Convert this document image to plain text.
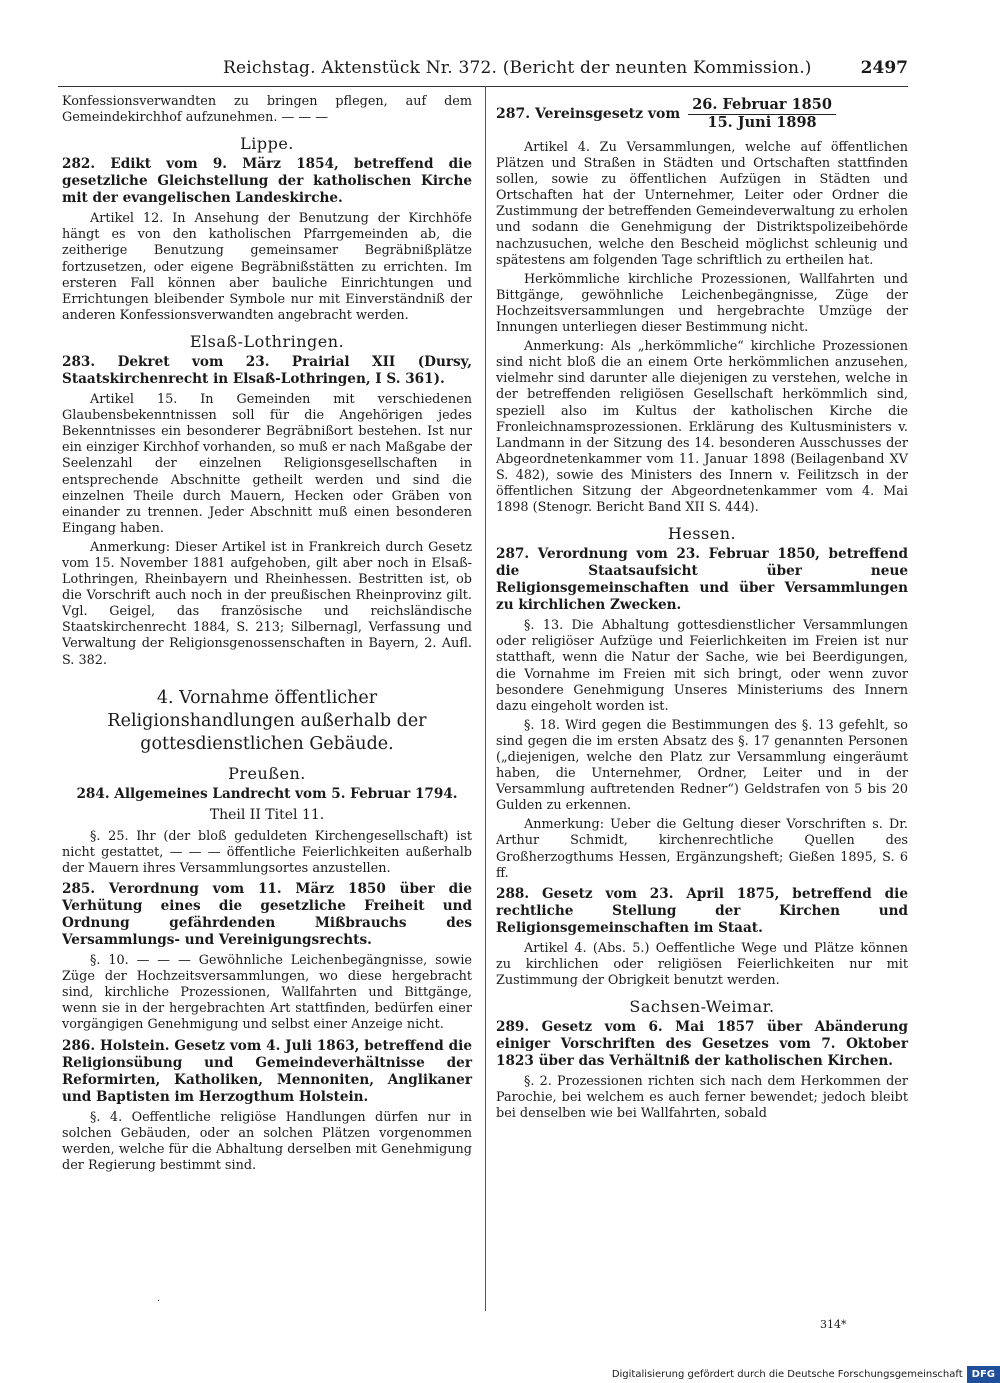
Reichstag. Aktenstück Nr. 372. (Bericht der neunten Kommission.)	2497

Konfessionsverwandten zu bringen pflegen, auf dem Gemeindekirchhof aufzunehmen. — — —

Lippe.
282. Edikt vom 9. März 1854, betreffend die gesetzliche Gleichstellung der katholischen Kirche mit der evangelischen Landeskirche.

Artikel 12. In Ansehung der Benutzung der Kirchhöfe hängt es von den katholischen Pfarrgemeinden ab, die zeitherige Benutzung gemeinsamer Begräbnißplätze fortzusetzen, oder eigene Begräbnißstätten zu errichten. Im ersteren Fall können aber bauliche Einrichtungen und Errichtungen bleibender Symbole nur mit Einverständniß der anderen Konfessionsverwandten angebracht werden.

Elsaß-Lothringen.
283. Dekret vom 23. Prairial XII (Dursy, Staatskirchenrecht in Elsaß-Lothringen, I S. 361).

Artikel 15. In Gemeinden mit verschiedenen Glaubensbekenntnissen soll für die Angehörigen jedes Bekenntnisses ein besonderer Begräbnißort bestehen. Ist nur ein einziger Kirchhof vorhanden, so muß er nach Maßgabe der Seelenzahl der einzelnen Religionsgesellschaften in entsprechende Abschnitte getheilt werden und sind die einzelnen Theile durch Mauern, Hecken oder Gräben von einander zu trennen. Jeder Abschnitt muß einen besonderen Eingang haben.

Anmerkung: Dieser Artikel ist in Frankreich durch Gesetz vom 15. November 1881 aufgehoben, gilt aber noch in Elsaß-Lothringen, Rheinbayern und Rheinhessen. Bestritten ist, ob die Vorschrift auch noch in der preußischen Rheinprovinz gilt. Vgl. Geigel, das französische und reichsländische Staatskirchenrecht 1884, S. 213; Silbernagl, Verfassung und Verwaltung der Religionsgenossenschaften in Bayern, 2. Aufl. S. 382.

4. Vornahme öffentlicher Religionshandlungen außerhalb der gottesdienstlichen Gebäude.
Preußen.
284. Allgemeines Landrecht vom 5. Februar 1794.
Theil II Titel 11.

§. 25. Ihr (der bloß geduldeten Kirchengesellschaft) ist nicht gestattet, — — — öffentliche Feierlichkeiten außerhalb der Mauern ihres Versammlungsortes anzustellen.

285. Verordnung vom 11. März 1850 über die Verhütung eines die gesetzliche Freiheit und Ordnung gefährdenden Mißbrauchs des Versammlungs- und Vereinigungsrechts.

§. 10. — — — Gewöhnliche Leichenbegängnisse, sowie Züge der Hochzeitsversammlungen, wo diese hergebracht sind, kirchliche Prozessionen, Wallfahrten und Bittgänge, wenn sie in der hergebrachten Art stattfinden, bedürfen einer vorgängigen Genehmigung und selbst einer Anzeige nicht.

286. Holstein. Gesetz vom 4. Juli 1863, betreffend die Religionsübung und Gemeindeverhältnisse der Reformirten, Katholiken, Mennoniten, Anglikaner und Baptisten im Herzogthum Holstein.

§. 4. Oeffentliche religiöse Handlungen dürfen nur in solchen Gebäuden, oder an solchen Plätzen vorgenommen werden, welche für die Abhaltung derselben mit Genehmigung der Regierung bestimmt sind.

287. Vereinsgesetz vom $\frac{\text{26. Februar 1850}}{\text{15. Juni 1898}}$

Artikel 4. Zu Versammlungen, welche auf öffentlichen Plätzen und Straßen in Städten und Ortschaften stattfinden sollen, sowie zu öffentlichen Aufzügen in Städten und Ortschaften hat der Unternehmer, Leiter oder Ordner die Zustimmung der betreffenden Gemeindeverwaltung zu erholen und sodann die Genehmigung der Distriktspolizeibehörde nachzusuchen, welche den Bescheid möglichst schleunig und spätestens am folgenden Tage schriftlich zu ertheilen hat.

Herkömmliche kirchliche Prozessionen, Wallfahrten und Bittgänge, gewöhnliche Leichenbegängnisse, Züge der Hochzeitsversammlungen und hergebrachte Umzüge der Innungen unterliegen dieser Bestimmung nicht.

Anmerkung: Als „herkömmliche“ kirchliche Prozessionen sind nicht bloß die an einem Orte herkömmlichen anzusehen, vielmehr sind darunter alle diejenigen zu verstehen, welche in der betreffenden religiösen Gesellschaft herkömmlich sind, speziell also im Kultus der katholischen Kirche die Fronleichnamsprozessionen. Erklärung des Kultusministers v. Landmann in der Sitzung des 14. besonderen Ausschusses der Abgeordnetenkammer vom 11. Januar 1898 (Beilagenband XV S. 482), sowie des Ministers des Innern v. Feilitzsch in der öffentlichen Sitzung der Abgeordnetenkammer vom 4. Mai 1898 (Stenogr. Bericht Band XII S. 444).

Hessen.
287. Verordnung vom 23. Februar 1850, betreffend die Staatsaufsicht über neue Religionsgemeinschaften und über Versammlungen zu kirchlichen Zwecken.

§. 13. Die Abhaltung gottesdienstlicher Versammlungen oder religiöser Aufzüge und Feierlichkeiten im Freien ist nur statthaft, wenn die Natur der Sache, wie bei Beerdigungen, die Vornahme im Freien mit sich bringt, oder wenn zuvor besondere Genehmigung Unseres Ministeriums des Innern dazu eingeholt worden ist.

§. 18. Wird gegen die Bestimmungen des §. 13 gefehlt, so sind gegen die im ersten Absatz des §. 17 genannten Personen („diejenigen, welche den Platz zur Versammlung eingeräumt haben, die Unternehmer, Ordner, Leiter und in der Versammlung auftretenden Redner“) Geldstrafen von 5 bis 20 Gulden zu erkennen.

Anmerkung: Ueber die Geltung dieser Vorschriften s. Dr. Arthur Schmidt, kirchenrechtliche Quellen des Großherzogthums Hessen, Ergänzungsheft; Gießen 1895, S. 6 ff.

288. Gesetz vom 23. April 1875, betreffend die rechtliche Stellung der Kirchen und Religionsgemeinschaften im Staat.

Artikel 4. (Abs. 5.) Oeffentliche Wege und Plätze können zu kirchlichen oder religiösen Feierlichkeiten nur mit Zustimmung der Obrigkeit benutzt werden.

Sachsen-Weimar.
289. Gesetz vom 6. Mai 1857 über Abänderung einiger Vorschriften des Gesetzes vom 7. Oktober 1823 über das Verhältniß der katholischen Kirchen.

§. 2. Prozessionen richten sich nach dem Herkommen der Parochie, bei welchem es auch ferner bewendet; jedoch bleibt bei denselben wie bei Wallfahrten, sobald

·
314*
Digitalisierung gefördert durch die Deutsche Forschungsgemeinschaft DFG
